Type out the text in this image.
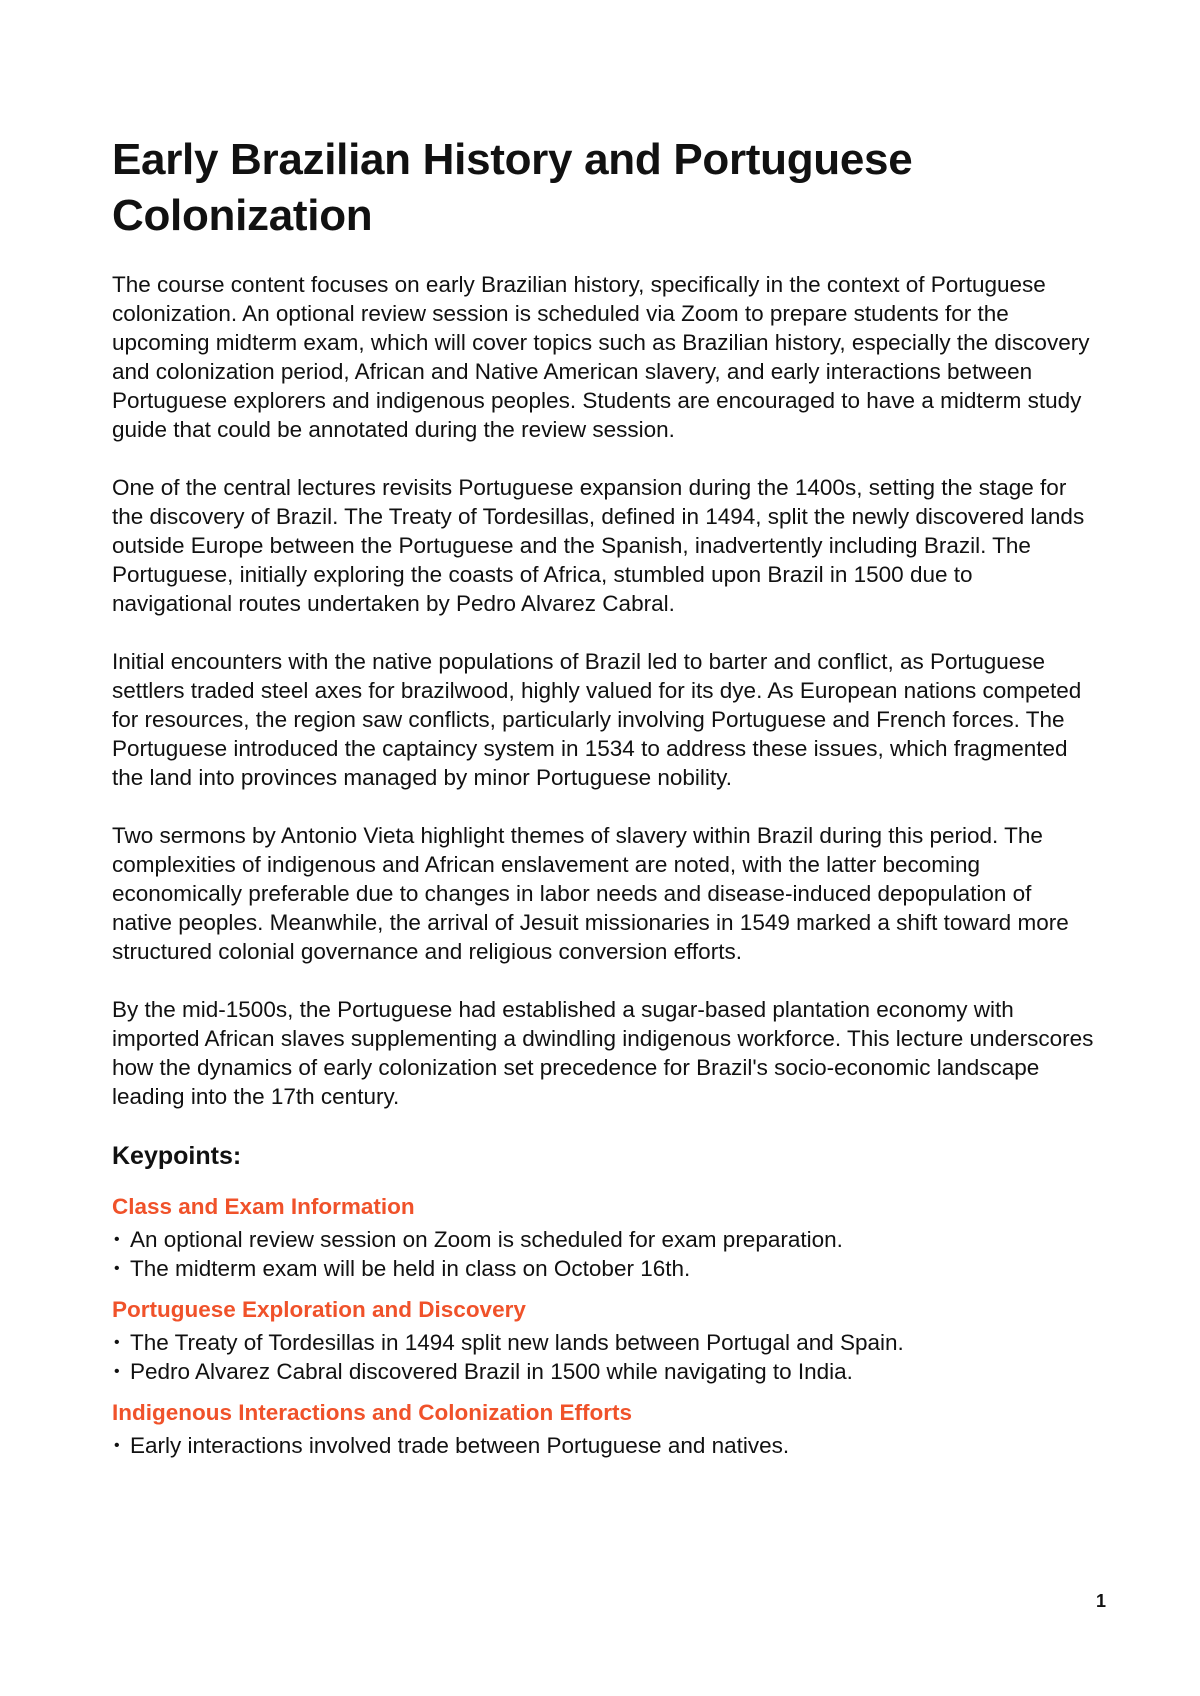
Early Brazilian History and Portuguese Colonization

The course content focuses on early Brazilian history, specifically in the context of Portuguese colonization. An optional review session is scheduled via Zoom to prepare students for the upcoming midterm exam, which will cover topics such as Brazilian history, especially the discovery and colonization period, African and Native American slavery, and early interactions between Portuguese explorers and indigenous peoples. Students are encouraged to have a midterm study guide that could be annotated during the review session.

One of the central lectures revisits Portuguese expansion during the 1400s, setting the stage for the discovery of Brazil. The Treaty of Tordesillas, defined in 1494, split the newly discovered lands outside Europe between the Portuguese and the Spanish, inadvertently including Brazil. The Portuguese, initially exploring the coasts of Africa, stumbled upon Brazil in 1500 due to navigational routes undertaken by Pedro Alvarez Cabral.

Initial encounters with the native populations of Brazil led to barter and conflict, as Portuguese settlers traded steel axes for brazilwood, highly valued for its dye. As European nations competed for resources, the region saw conflicts, particularly involving Portuguese and French forces. The Portuguese introduced the captaincy system in 1534 to address these issues, which fragmented the land into provinces managed by minor Portuguese nobility.

Two sermons by Antonio Vieta highlight themes of slavery within Brazil during this period. The complexities of indigenous and African enslavement are noted, with the latter becoming economically preferable due to changes in labor needs and disease-induced depopulation of native peoples. Meanwhile, the arrival of Jesuit missionaries in 1549 marked a shift toward more structured colonial governance and religious conversion efforts.

By the mid-1500s, the Portuguese had established a sugar-based plantation economy with imported African slaves supplementing a dwindling indigenous workforce. This lecture underscores how the dynamics of early colonization set precedence for Brazil's socio-economic landscape leading into the 17th century.

Keypoints:
Class and Exam Information
• An optional review session on Zoom is scheduled for exam preparation.
• The midterm exam will be held in class on October 16th.
Portuguese Exploration and Discovery
• The Treaty of Tordesillas in 1494 split new lands between Portugal and Spain.
• Pedro Alvarez Cabral discovered Brazil in 1500 while navigating to India.
Indigenous Interactions and Colonization Efforts
• Early interactions involved trade between Portuguese and natives.
1
